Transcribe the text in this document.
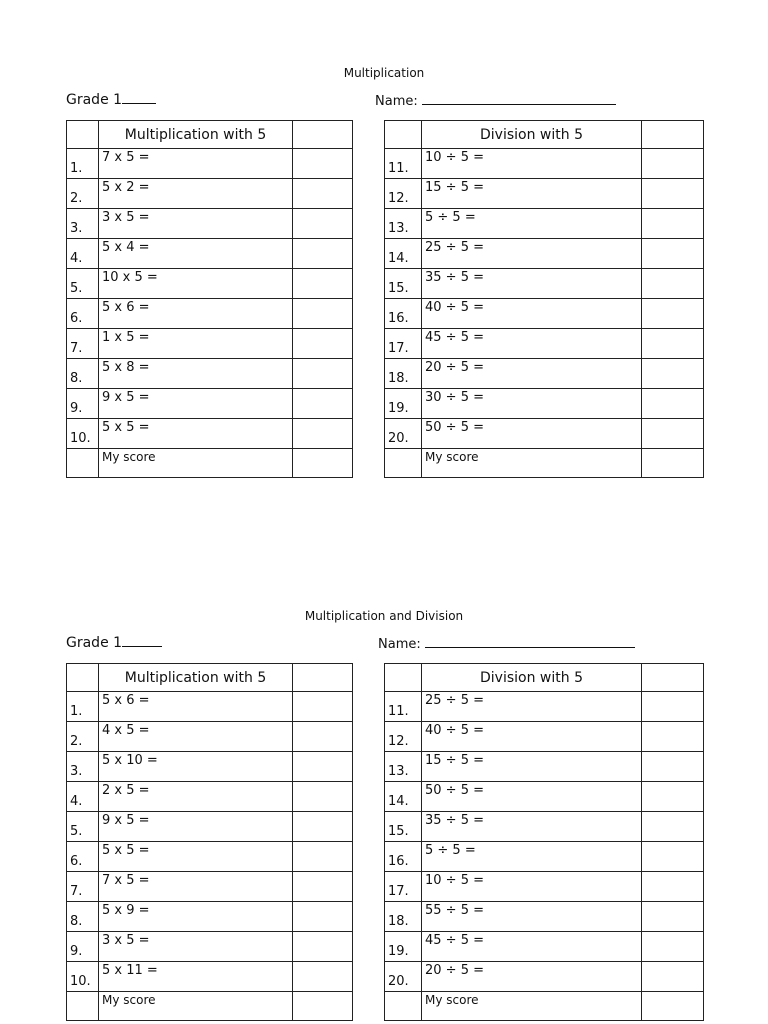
Multiplication
Grade 1	Name:
	Multiplication with 5	
1.	7 x 5 =	
2.	5 x 2 =	
3.	3 x 5 =	
4.	5 x 4 =	
5.	10 x 5 =	
6.	5 x 6 =	
7.	1 x 5 =	
8.	5 x 8 =	
9.	9 x 5 =	
10.	5 x 5 =	
	My score	
	Division with 5	
11.	10 ÷ 5 =	
12.	15 ÷ 5 =	
13.	5 ÷ 5 =	
14.	25 ÷ 5 =	
15.	35 ÷ 5 =	
16.	40 ÷ 5 =	
17.	45 ÷ 5 =	
18.	20 ÷ 5 =	
19.	30 ÷ 5 =	
20.	50 ÷ 5 =	
	My score	
Multiplication and Division
Grade 1	Name:
	Multiplication with 5	
1.	5 x 6 =	
2.	4 x 5 =	
3.	5 x 10 =	
4.	2 x 5 =	
5.	9 x 5 =	
6.	5 x 5 =	
7.	7 x 5 =	
8.	5 x 9 =	
9.	3 x 5 =	
10.	5 x 11 =	
	My score	
	Division with 5	
11.	25 ÷ 5 =	
12.	40 ÷ 5 =	
13.	15 ÷ 5 =	
14.	50 ÷ 5 =	
15.	35 ÷ 5 =	
16.	5 ÷ 5 =	
17.	10 ÷ 5 =	
18.	55 ÷ 5 =	
19.	45 ÷ 5 =	
20.	20 ÷ 5 =	
	My score	
